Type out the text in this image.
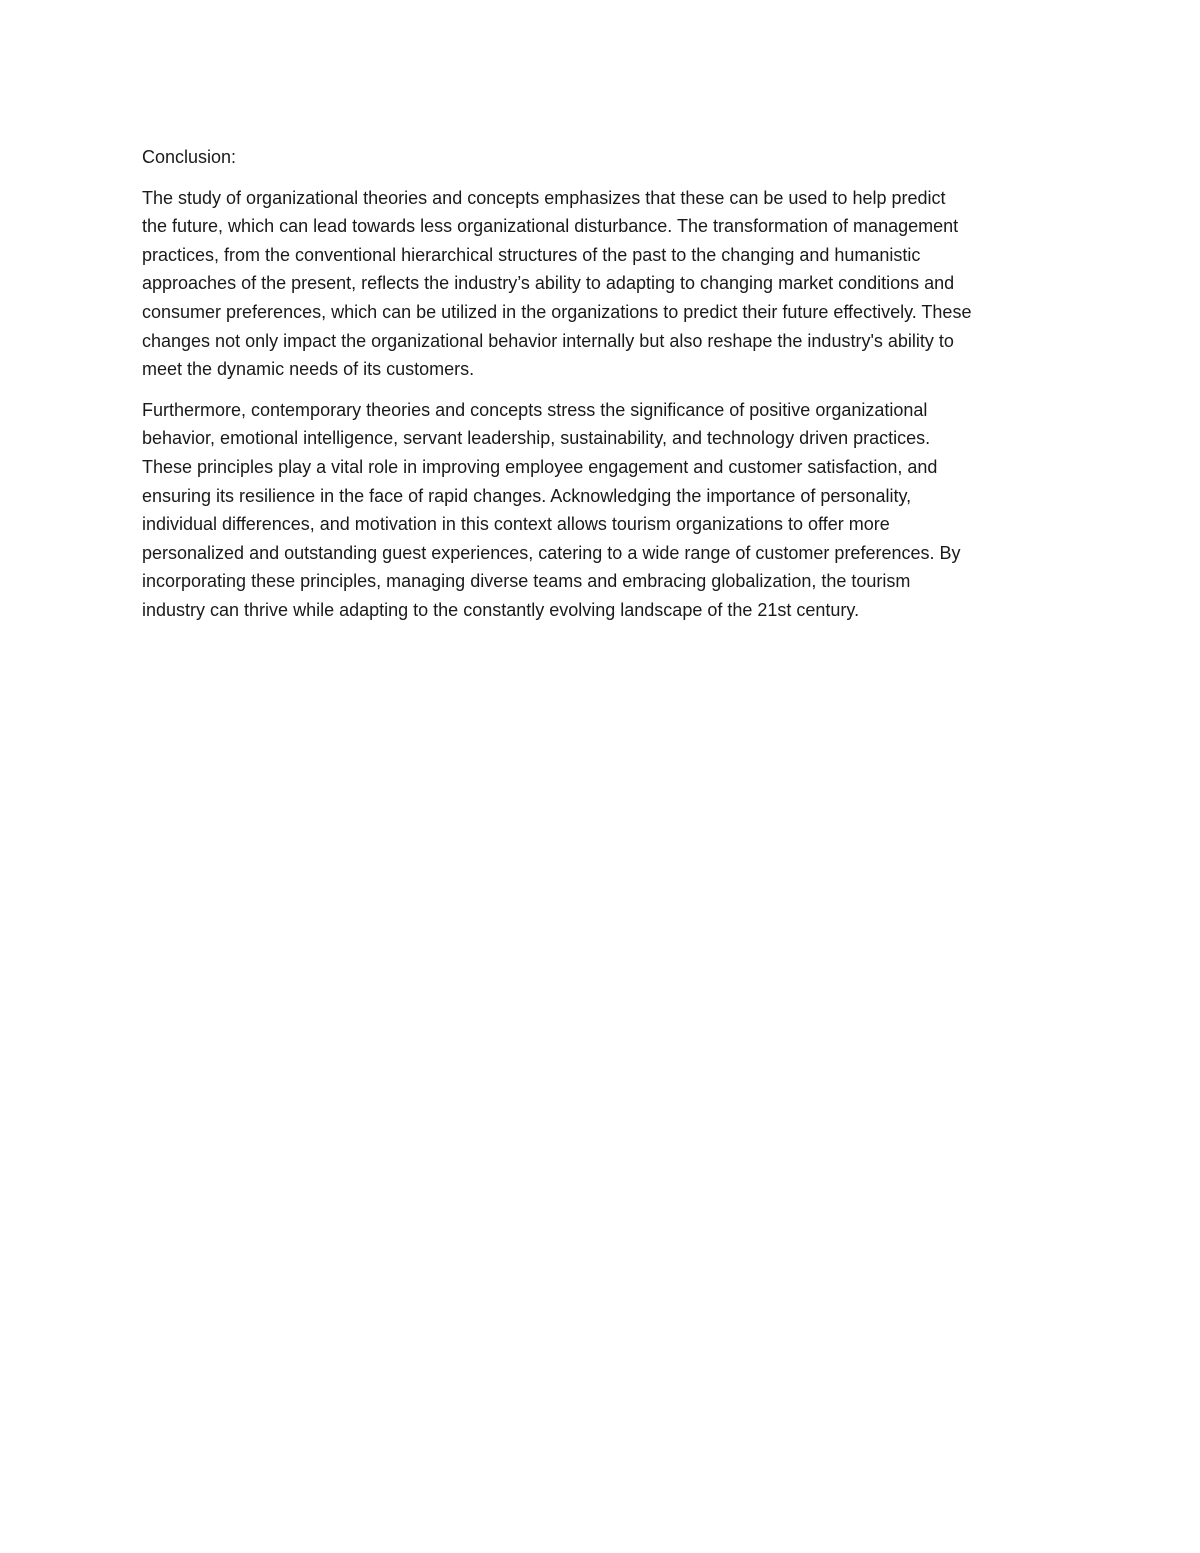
Conclusion:

The study of organizational theories and concepts emphasizes that these can be used to help predict
the future, which can lead towards less organizational disturbance. The transformation of management
practices, from the conventional hierarchical structures of the past to the changing and humanistic
approaches of the present, reflects the industry’s ability to adapting to changing market conditions and
consumer preferences, which can be utilized in the organizations to predict their future effectively. These
changes not only impact the organizational behavior internally but also reshape the industry's ability to
meet the dynamic needs of its customers.

Furthermore, contemporary theories and concepts stress the significance of positive organizational
behavior, emotional intelligence, servant leadership, sustainability, and technology driven practices.
These principles play a vital role in improving employee engagement and customer satisfaction, and
ensuring its resilience in the face of rapid changes. Acknowledging the importance of personality,
individual differences, and motivation in this context allows tourism organizations to offer more
personalized and outstanding guest experiences, catering to a wide range of customer preferences. By
incorporating these principles, managing diverse teams and embracing globalization, the tourism
industry can thrive while adapting to the constantly evolving landscape of the 21st century.
